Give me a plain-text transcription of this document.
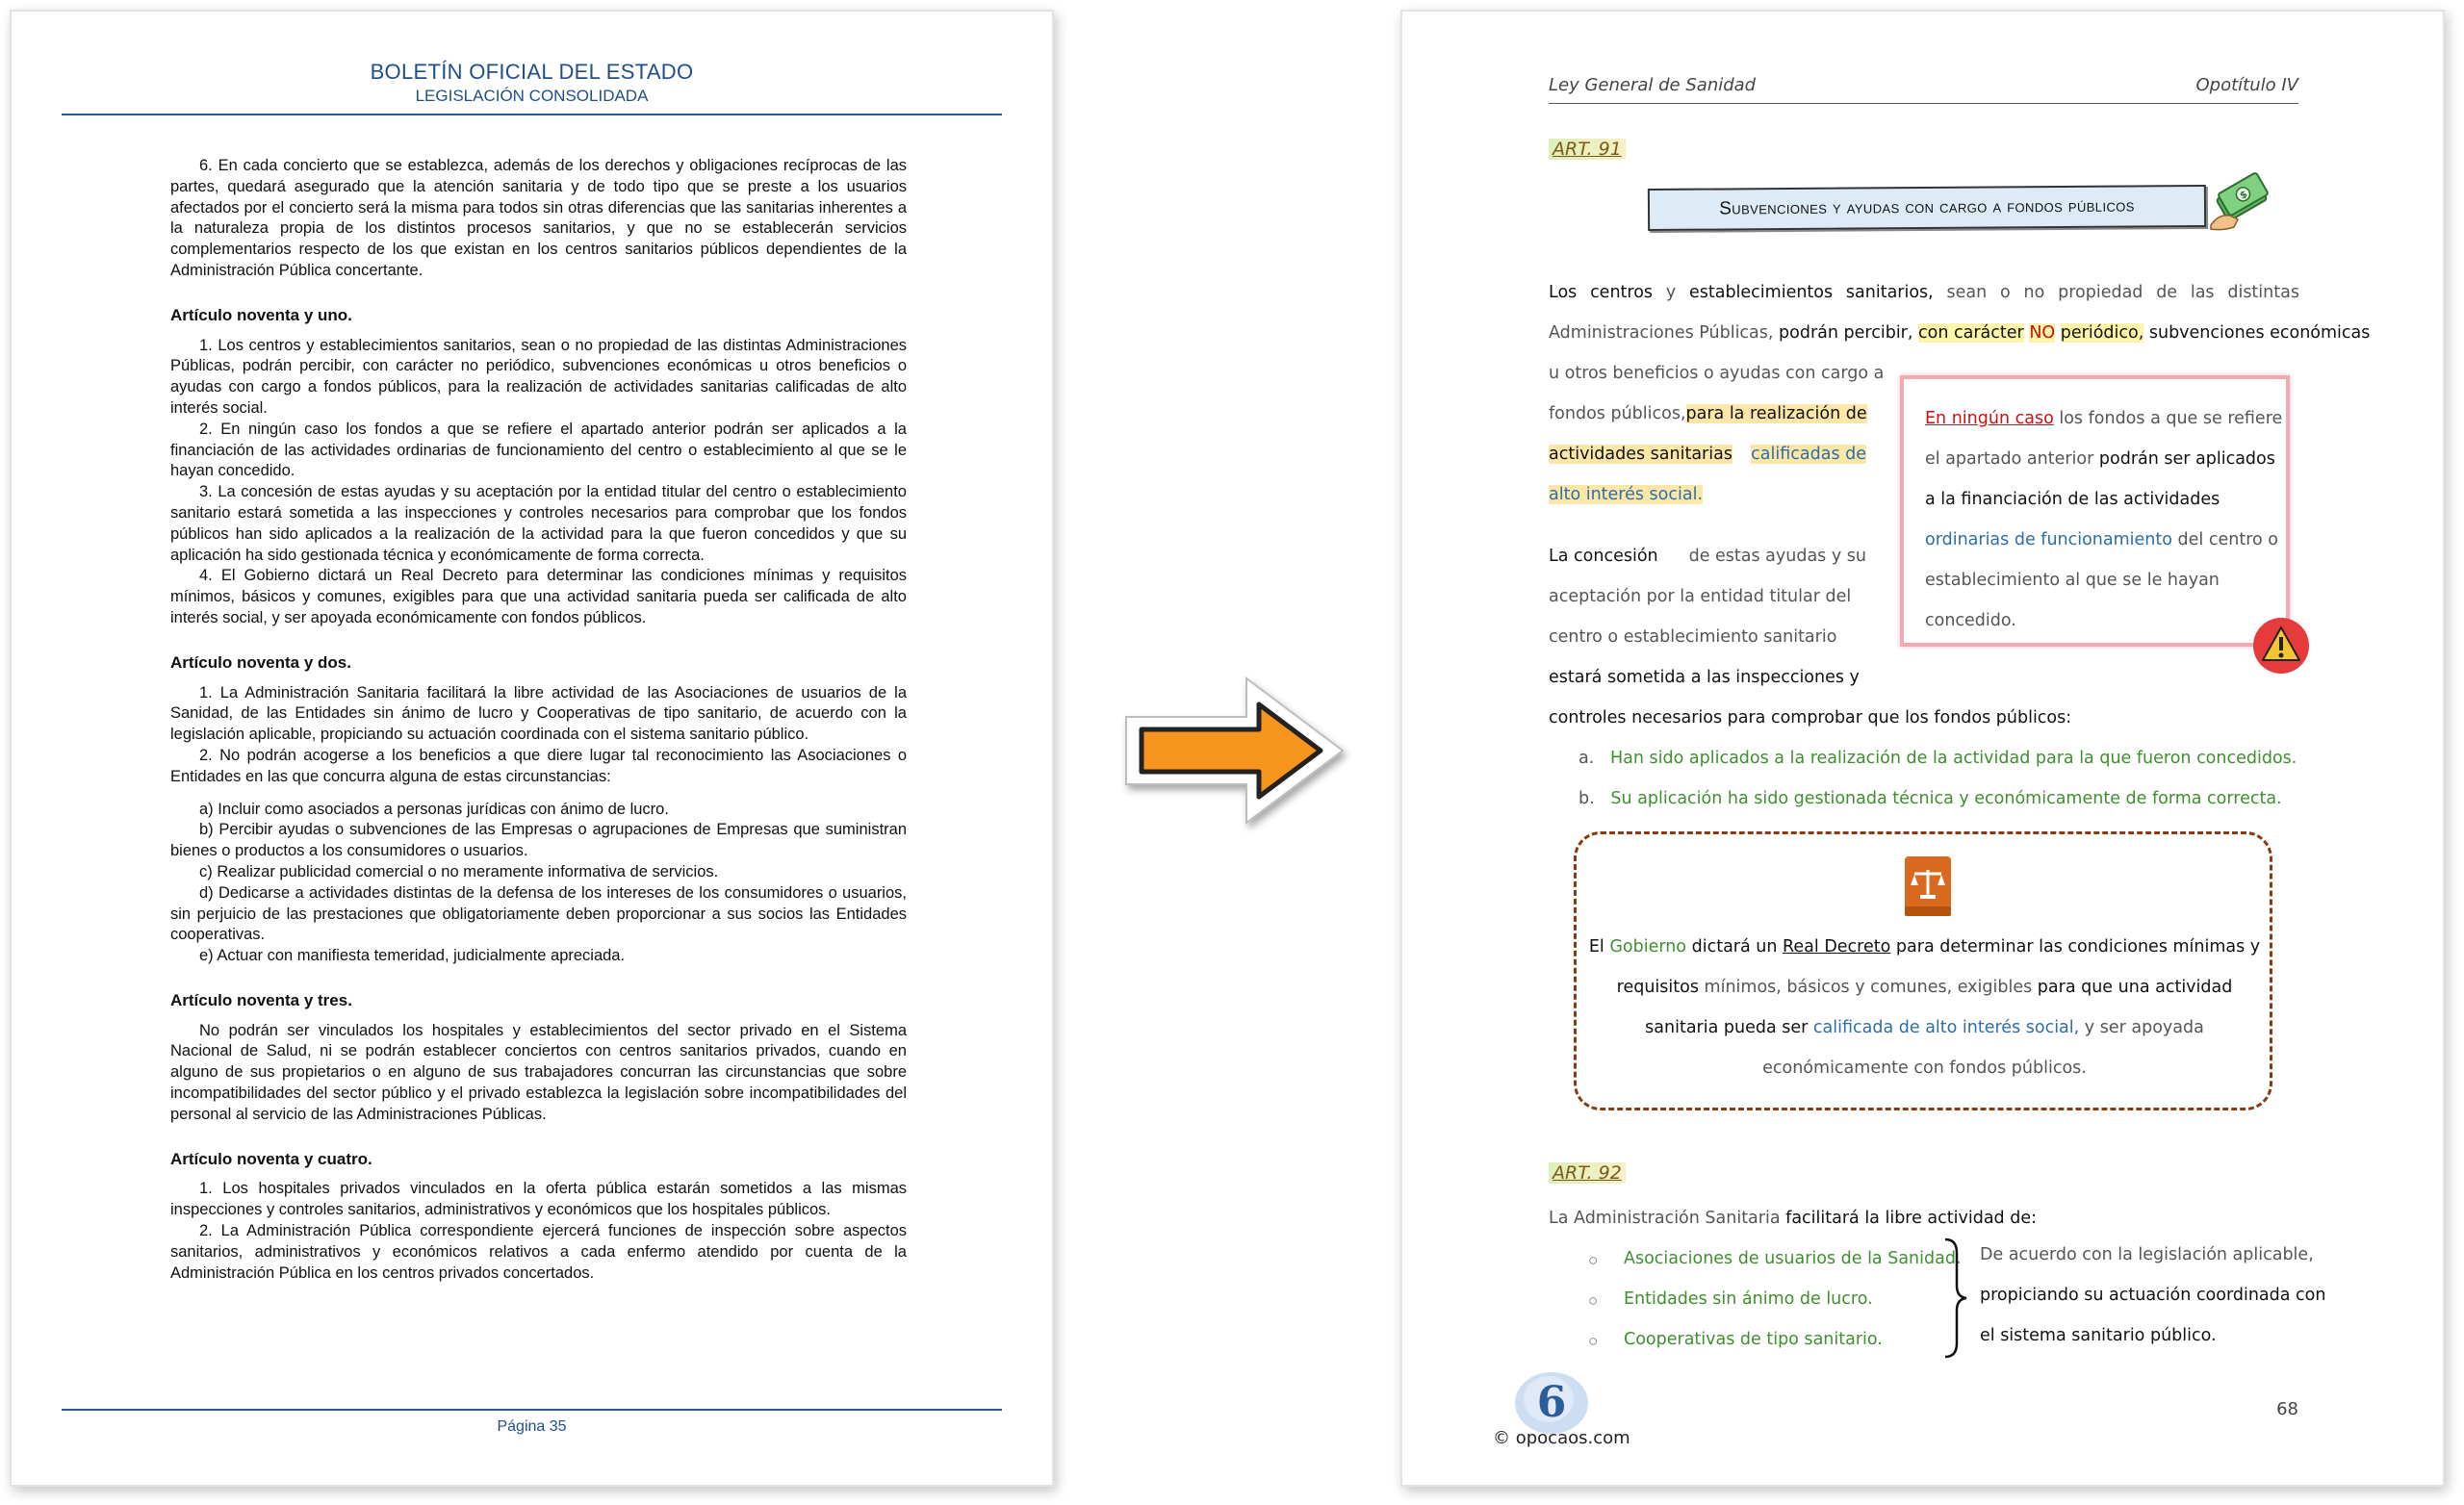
BOLETÍN OFICIAL DEL ESTADO
LEGISLACIÓN CONSOLIDADA

6. En cada concierto que se establezca, además de los derechos y obligaciones recíprocas de las partes, quedará asegurado que la atención sanitaria y de todo tipo que se preste a los usuarios afectados por el concierto será la misma para todos sin otras diferencias que las sanitarias inherentes a la naturaleza propia de los distintos procesos sanitarios, y que no se establecerán servicios complementarios respecto de los que existan en los centros sanitarios públicos dependientes de la Administración Pública concertante.

Artículo noventa y uno.

1. Los centros y establecimientos sanitarios, sean o no propiedad de las distintas Administraciones Públicas, podrán percibir, con carácter no periódico, subvenciones económicas u otros beneficios o ayudas con cargo a fondos públicos, para la realización de actividades sanitarias calificadas de alto interés social.

2. En ningún caso los fondos a que se refiere el apartado anterior podrán ser aplicados a la financiación de las actividades ordinarias de funcionamiento del centro o establecimiento al que se le hayan concedido.

3. La concesión de estas ayudas y su aceptación por la entidad titular del centro o establecimiento sanitario estará sometida a las inspecciones y controles necesarios para comprobar que los fondos públicos han sido aplicados a la realización de la actividad para la que fueron concedidos y que su aplicación ha sido gestionada técnica y económicamente de forma correcta.

4. El Gobierno dictará un Real Decreto para determinar las condiciones mínimas y requisitos mínimos, básicos y comunes, exigibles para que una actividad sanitaria pueda ser calificada de alto interés social, y ser apoyada económicamente con fondos públicos.

Artículo noventa y dos.

1. La Administración Sanitaria facilitará la libre actividad de las Asociaciones de usuarios de la Sanidad, de las Entidades sin ánimo de lucro y Cooperativas de tipo sanitario, de acuerdo con la legislación aplicable, propiciando su actuación coordinada con el sistema sanitario público.

2. No podrán acogerse a los beneficios a que diere lugar tal reconocimiento las Asociaciones o Entidades en las que concurra alguna de estas circunstancias:

a) Incluir como asociados a personas jurídicas con ánimo de lucro.

b) Percibir ayudas o subvenciones de las Empresas o agrupaciones de Empresas que suministran bienes o productos a los consumidores o usuarios.

c) Realizar publicidad comercial o no meramente informativa de servicios.

d) Dedicarse a actividades distintas de la defensa de los intereses de los consumidores o usuarios, sin perjuicio de las prestaciones que obligatoriamente deben proporcionar a sus socios las Entidades cooperativas.

e) Actuar con manifiesta temeridad, judicialmente apreciada.

Artículo noventa y tres.

No podrán ser vinculados los hospitales y establecimientos del sector privado en el Sistema Nacional de Salud, ni se podrán establecer conciertos con centros sanitarios privados, cuando en alguno de sus propietarios o en alguno de sus trabajadores concurran las circunstancias que sobre incompatibilidades del sector público y el privado establezca la legislación sobre incompatibilidades del personal al servicio de las Administraciones Públicas.

Artículo noventa y cuatro.

1. Los hospitales privados vinculados en la oferta pública estarán sometidos a las mismas inspecciones y controles sanitarios, administrativos y económicos que los hospitales públicos.

2. La Administración Pública correspondiente ejercerá funciones de inspección sobre aspectos sanitarios, administrativos y económicos relativos a cada enfermo atendido por cuenta de la Administración Pública en los centros privados concertados.

Página 35
Ley General de Sanidad	Opotítulo IV
ART. 91
Subvenciones y ayudas con cargo a fondos públicos
$
Los centros y establecimientos sanitarios, sean o no propiedad de las distintas
Administraciones Públicas, podrán percibir, con carácter NO periódico, subvenciones económicas
u otros beneficios o ayudas con cargo a
fondos públicos, para la realización de
actividades sanitarias calificadas de
alto interés social.
La concesión de estas ayudas y su
aceptación por la entidad titular del
centro o establecimiento sanitario
estará sometida a las inspecciones y
controles necesarios para comprobar que los fondos públicos:
En ningún caso los fondos a que se refiere
el apartado anterior podrán ser aplicados
a la financiación de las actividades
ordinarias de funcionamiento del centro o
establecimiento al que se le hayan
concedido.
a. Han sido aplicados a la realización de la actividad para la que fueron concedidos.
b. Su aplicación ha sido gestionada técnica y económicamente de forma correcta.
El Gobierno dictará un Real Decreto para determinar las condiciones mínimas y
requisitos mínimos, básicos y comunes, exigibles para que una actividad
sanitaria pueda ser calificada de alto interés social, y ser apoyada
económicamente con fondos públicos.
ART. 92
La Administración Sanitaria facilitará la libre actividad de:
○ Asociaciones de usuarios de la Sanidad.
○ Entidades sin ánimo de lucro.
○ Cooperativas de tipo sanitario.
De acuerdo con la legislación aplicable,
propiciando su actuación coordinada con
el sistema sanitario público.
6
© opocaos.com
68
